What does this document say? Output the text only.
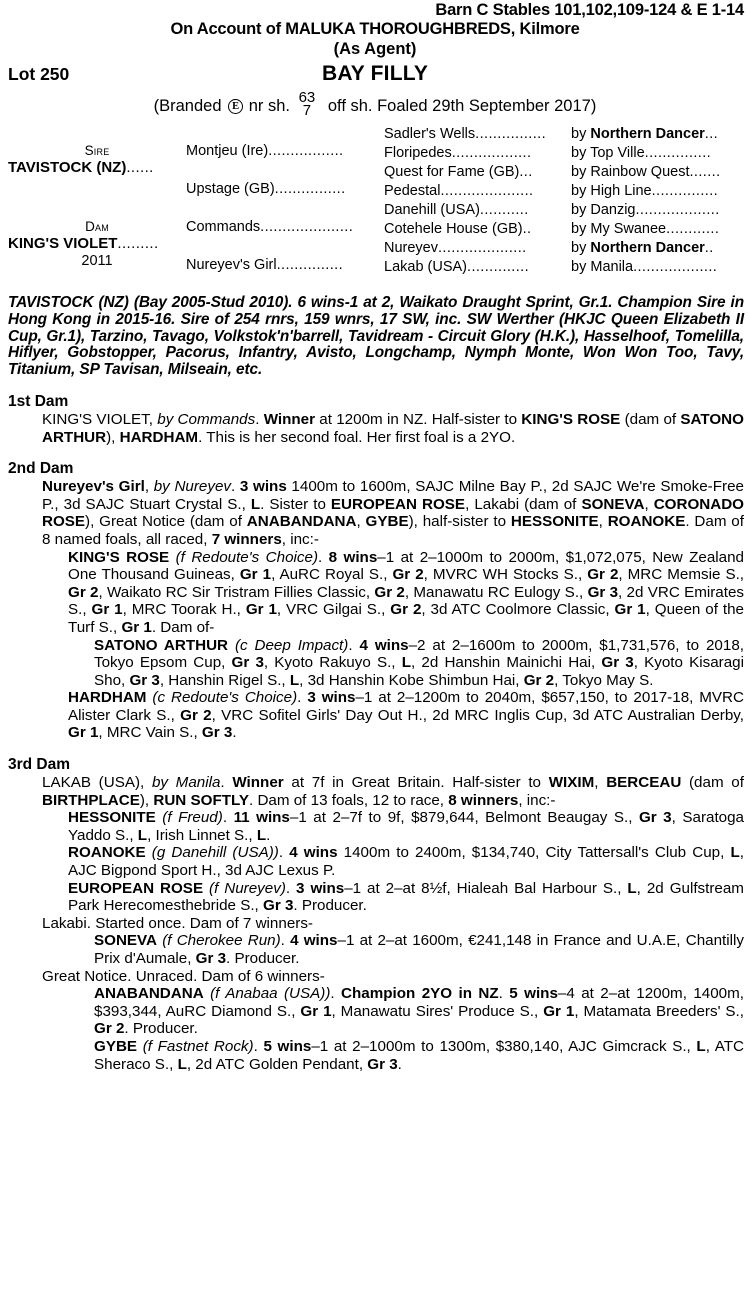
Barn C Stables 101,102,109-124 & E 1-14
On Account of MALUKA THOROUGHBREDS, Kilmore
(As Agent)
Lot 250	BAY FILLY
(Branded	E nr sh. 63
7 off sh. Foaled 29th September 2017)
Sire
TAVISTOCK (NZ)......
Dam
KING'S VIOLET.........
2011
Montjeu (Ire).................
Upstage (GB)................
Commands.....................
Nureyev's Girl...............
Sadler's Wells................
Floripedes..................
Quest for Fame (GB)...
Pedestal.....................
Danehill (USA)...........
Cotehele House (GB)..
Nureyev....................
Lakab (USA)..............
by Northern Dancer...
by Top Ville...............
by Rainbow Quest.......
by High Line...............
by Danzig...................
by My Swanee............
by Northern Dancer..
by Manila...................
TAVISTOCK (NZ) (Bay 2005-Stud 2010). 6 wins-1 at 2, Waikato Draught Sprint, Gr.1. Champion Sire in Hong Kong in 2015-16. Sire of 254 rnrs, 159 wnrs, 17 SW, inc. SW Werther (HKJC Queen Elizabeth II Cup, Gr.1), Tarzino, Tavago, Volkstok'n'barrell, Tavidream - Circuit Glory (H.K.), Hasselhoof, Tomelilla, Hiflyer, Gobstopper, Pacorus, Infantry, Avisto, Longchamp, Nymph Monte, Won Won Too, Tavy, Titanium, SP Tavisan, Milseain, etc.
1st Dam

KING'S VIOLET, by Commands. Winner at 1200m in NZ. Half-sister to KING'S ROSE (dam of SATONO ARTHUR), HARDHAM. This is her second foal. Her first foal is a 2YO.

2nd Dam

Nureyev's Girl, by Nureyev. 3 wins 1400m to 1600m, SAJC Milne Bay P., 2d SAJC We're Smoke-Free P., 3d SAJC Stuart Crystal S., L. Sister to EUROPEAN ROSE, Lakabi (dam of SONEVA, CORONADO ROSE), Great Notice (dam of ANABANDANA, GYBE), half-sister to HESSONITE, ROANOKE. Dam of 8 named foals, all raced, 7 winners, inc:-

KING'S ROSE (f Redoute's Choice). 8 wins–1 at 2–1000m to 2000m, $1,072,075, New Zealand One Thousand Guineas, Gr 1, AuRC Royal S., Gr 2, MVRC WH Stocks S., Gr 2, MRC Memsie S., Gr 2, Waikato RC Sir Tristram Fillies Classic, Gr 2, Manawatu RC Eulogy S., Gr 3, 2d VRC Emirates S., Gr 1, MRC Toorak H., Gr 1, VRC Gilgai S., Gr 2, 3d ATC Coolmore Classic, Gr 1, Queen of the Turf S., Gr 1. Dam of-

SATONO ARTHUR (c Deep Impact). 4 wins–2 at 2–1600m to 2000m, $1,731,576, to 2018, Tokyo Epsom Cup, Gr 3, Kyoto Rakuyo S., L, 2d Hanshin Mainichi Hai, Gr 3, Kyoto Kisaragi Sho, Gr 3, Hanshin Rigel S., L, 3d Hanshin Kobe Shimbun Hai, Gr 2, Tokyo May S.

HARDHAM (c Redoute's Choice). 3 wins–1 at 2–1200m to 2040m, $657,150, to 2017-18, MVRC Alister Clark S., Gr 2, VRC Sofitel Girls' Day Out H., 2d MRC Inglis Cup, 3d ATC Australian Derby, Gr 1, MRC Vain S., Gr 3.

3rd Dam

LAKAB (USA), by Manila. Winner at 7f in Great Britain. Half-sister to WIXIM, BERCEAU (dam of BIRTHPLACE), RUN SOFTLY. Dam of 13 foals, 12 to race, 8 winners, inc:-

HESSONITE (f Freud). 11 wins–1 at 2–7f to 9f, $879,644, Belmont Beaugay S., Gr 3, Saratoga Yaddo S., L, Irish Linnet S., L.

ROANOKE (g Danehill (USA)). 4 wins 1400m to 2400m, $134,740, City Tattersall's Club Cup, L, AJC Bigpond Sport H., 3d AJC Lexus P.

EUROPEAN ROSE (f Nureyev). 3 wins–1 at 2–at 8½f, Hialeah Bal Harbour S., L, 2d Gulfstream Park Herecomesthebride S., Gr 3. Producer.

Lakabi. Started once. Dam of 7 winners-

SONEVA (f Cherokee Run). 4 wins–1 at 2–at 1600m, €241,148 in France and U.A.E, Chantilly Prix d'Aumale, Gr 3. Producer.

Great Notice. Unraced. Dam of 6 winners-

ANABANDANA (f Anabaa (USA)). Champion 2YO in NZ. 5 wins–4 at 2–at 1200m, 1400m, $393,344, AuRC Diamond S., Gr 1, Manawatu Sires' Produce S., Gr 1, Matamata Breeders' S., Gr 2. Producer.

GYBE (f Fastnet Rock). 5 wins–1 at 2–1000m to 1300m, $380,140, AJC Gimcrack S., L, ATC Sheraco S., L, 2d ATC Golden Pendant, Gr 3.
